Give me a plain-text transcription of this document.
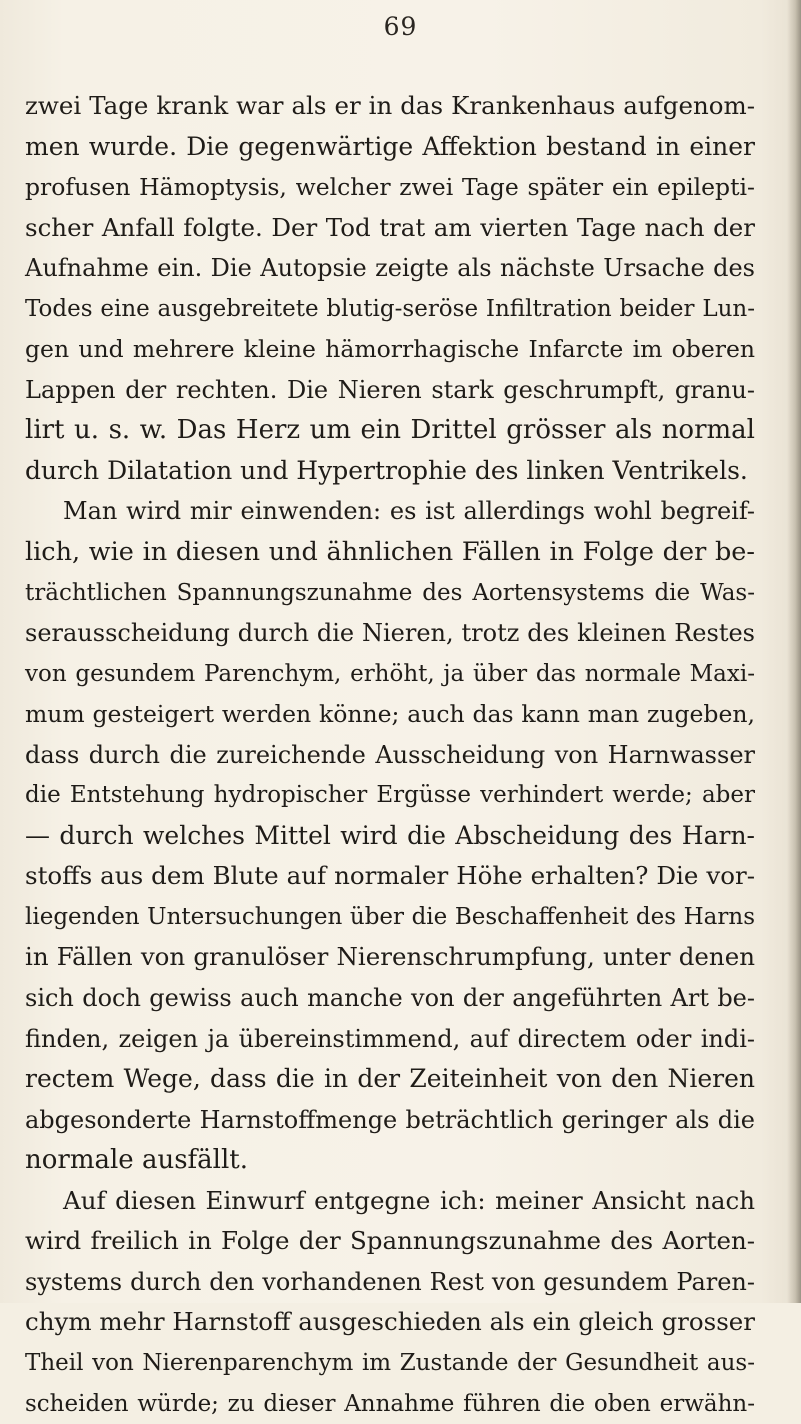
69
zwei Tage krank war als er in das Krankenhaus aufgenom-
men wurde. Die gegenwärtige Affektion bestand in einer
profusen Hämoptysis, welcher zwei Tage später ein epilepti-
scher Anfall folgte. Der Tod trat am vierten Tage nach der
Aufnahme ein. Die Autopsie zeigte als nächste Ursache des
Todes eine ausgebreitete blutig-seröse Infiltration beider Lun-
gen und mehrere kleine hämorrhagische Infarcte im oberen
Lappen der rechten. Die Nieren stark geschrumpft, granu-
lirt u. s. w. Das Herz um ein Drittel grösser als normal
durch Dilatation und Hypertrophie des linken Ventrikels.
Man wird mir einwenden: es ist allerdings wohl begreif-
lich, wie in diesen und ähnlichen Fällen in Folge der be-
trächtlichen Spannungszunahme des Aortensystems die Was-
serausscheidung durch die Nieren, trotz des kleinen Restes
von gesundem Parenchym, erhöht, ja über das normale Maxi-
mum gesteigert werden könne; auch das kann man zugeben,
dass durch die zureichende Ausscheidung von Harnwasser
die Entstehung hydropischer Ergüsse verhindert werde; aber
— durch welches Mittel wird die Abscheidung des Harn-
stoffs aus dem Blute auf normaler Höhe erhalten? Die vor-
liegenden Untersuchungen über die Beschaffenheit des Harns
in Fällen von granulöser Nierenschrumpfung, unter denen
sich doch gewiss auch manche von der angeführten Art be-
finden, zeigen ja übereinstimmend, auf directem oder indi-
rectem Wege, dass die in der Zeiteinheit von den Nieren
abgesonderte Harnstoffmenge beträchtlich geringer als die
normale ausfällt.
Auf diesen Einwurf entgegne ich: meiner Ansicht nach
wird freilich in Folge der Spannungszunahme des Aorten-
systems durch den vorhandenen Rest von gesundem Paren-
chym mehr Harnstoff ausgeschieden als ein gleich grosser
Theil von Nierenparenchym im Zustande der Gesundheit aus-
scheiden würde; zu dieser Annahme führen die oben erwähn-
